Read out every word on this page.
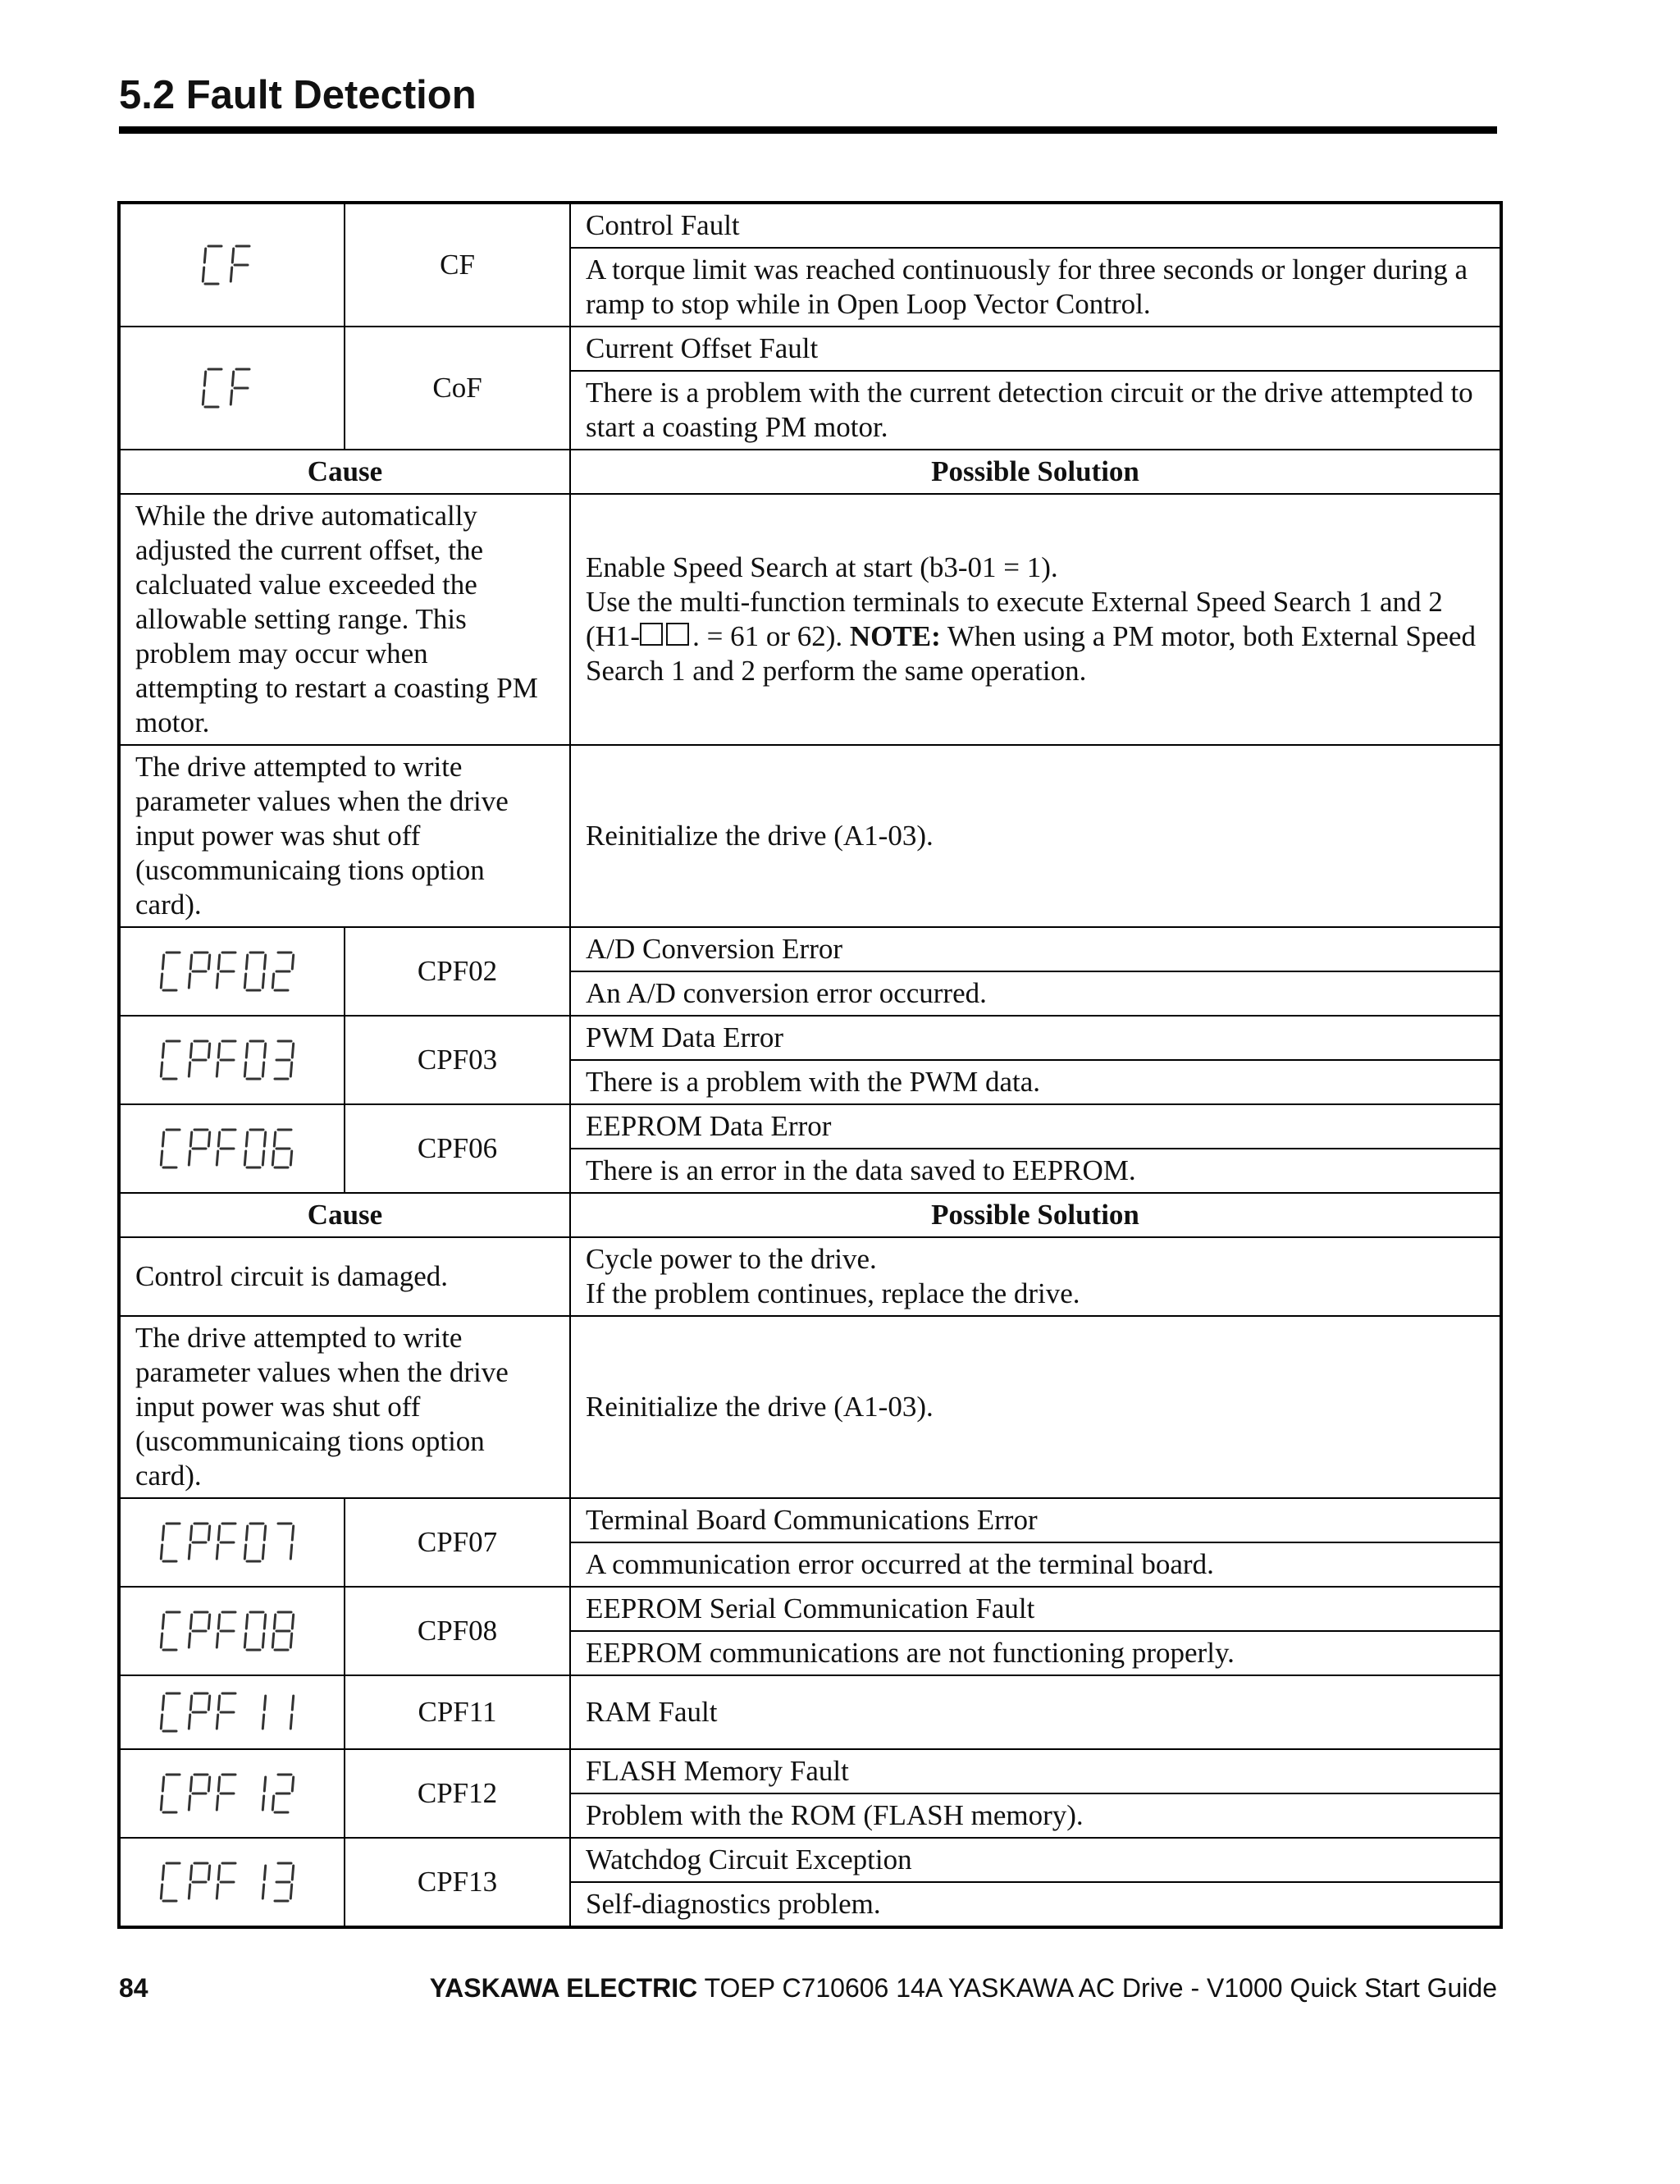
5.2 Fault Detection
	CF	Control Fault
		A torque limit was reached continuously for three seconds or longer during a ramp to stop while in Open Loop Vector Control.
	CoF	Current Offset Fault
		There is a problem with the current detection circuit or the drive attempted to start a coasting PM motor.
Cause		Possible Solution
While the drive automatically adjusted the current offset, the calcluated value exceeded the allowable setting range. This problem may occur when attempting to restart a coasting PM motor.		Enable Speed Search at start (b3-01 = 1).
Use the multi-function terminals to execute External Speed Search 1 and 2
(H1- . = 61 or 62). NOTE: When using a PM motor, both External Speed Search 1 and 2 perform the same operation.
The drive attempted to write parameter values when the drive input power was shut off (uscommunicaing tions option card).		Reinitialize the drive (A1-03).
	CPF02	A/D Conversion Error
		An A/D conversion error occurred.
	CPF03	PWM Data Error
		There is a problem with the PWM data.
	CPF06	EEPROM Data Error
		There is an error in the data saved to EEPROM.
Cause		Possible Solution
Control circuit is damaged.		Cycle power to the drive.
If the problem continues, replace the drive.
The drive attempted to write parameter values when the drive input power was shut off (uscommunicaing tions option card).		Reinitialize the drive (A1-03).
	CPF07	Terminal Board Communications Error
		A communication error occurred at the terminal board.
	CPF08	EEPROM Serial Communication Fault
		EEPROM communications are not functioning properly.
	CPF11	RAM Fault
	CPF12	FLASH Memory Fault
		Problem with the ROM (FLASH memory).
	CPF13	Watchdog Circuit Exception
		Self-diagnostics problem.
84	YASKAWA ELECTRIC TOEP C710606 14A YASKAWA AC Drive - V1000 Quick Start Guide
